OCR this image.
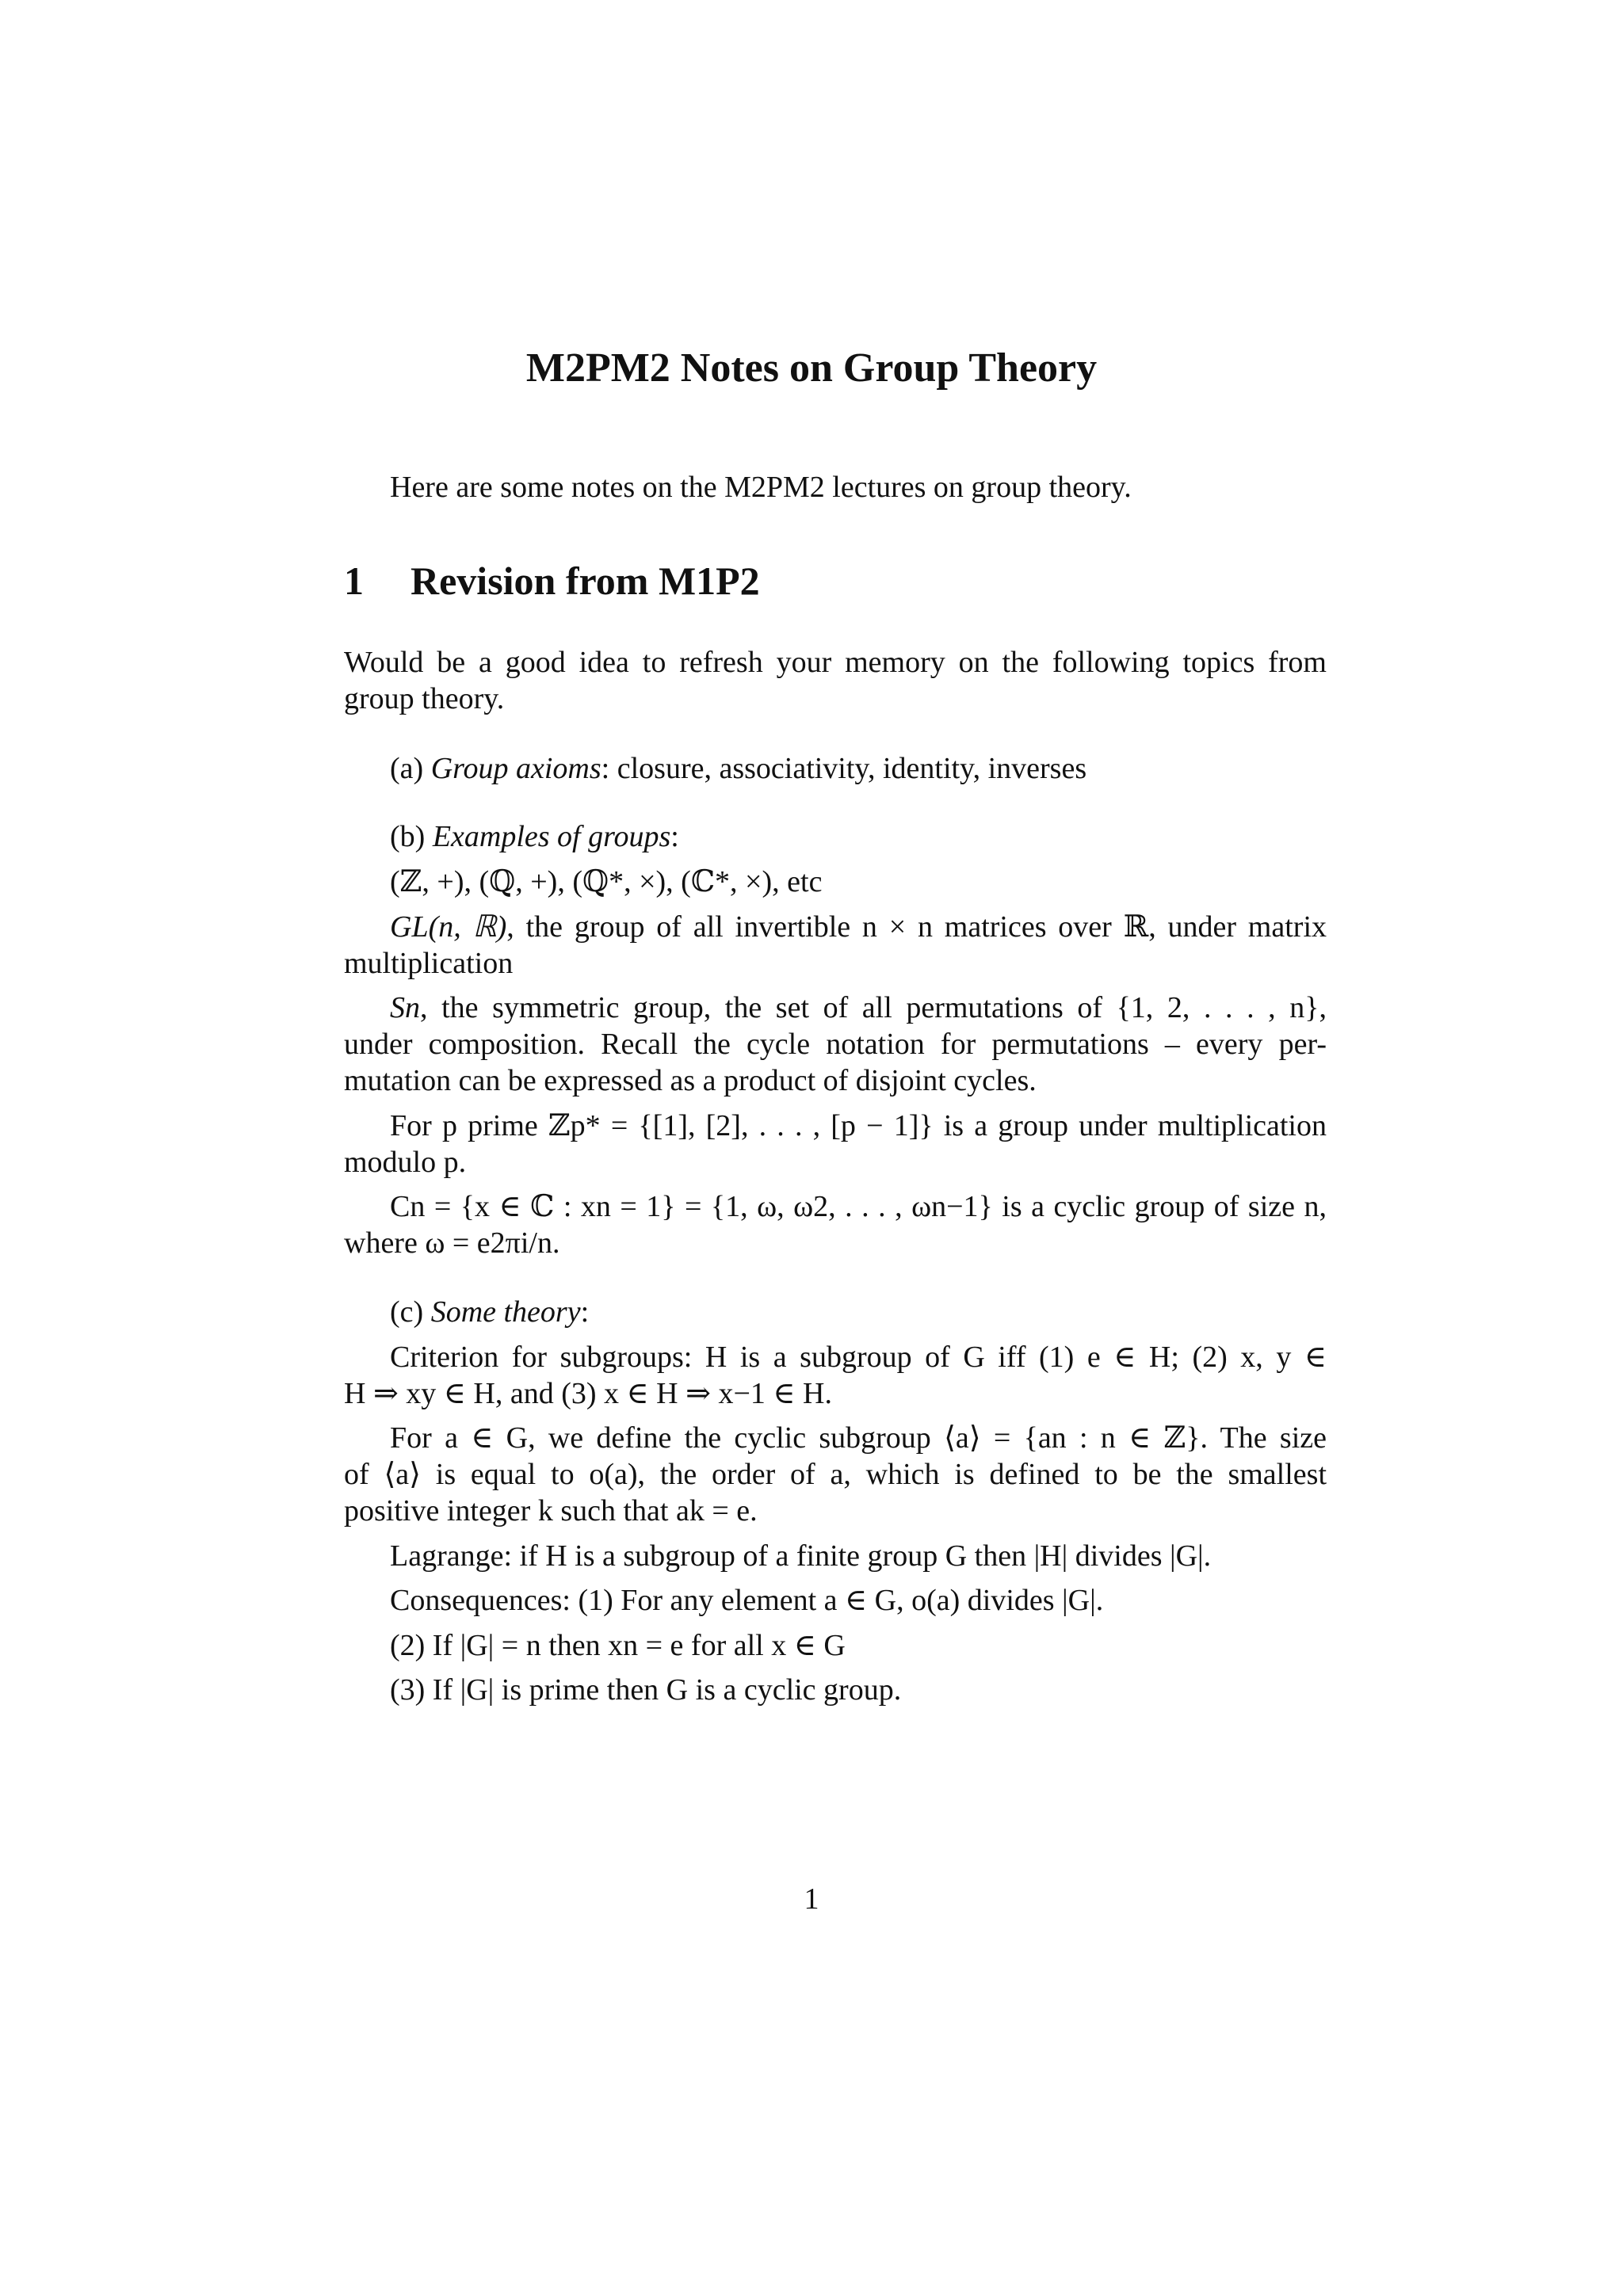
M2PM2 Notes on Group Theory
Here are some notes on the M2PM2 lectures on group theory.
1 Revision from M1P2
Would be a good idea to refresh your memory on the following topics from
group theory.
(a) Group axioms: closure, associativity, identity, inverses
(b) Examples of groups:
(ℤ, +), (ℚ, +), (ℚ*, ×), (ℂ*, ×), etc
GL(n, ℝ), the group of all invertible n × n matrices over ℝ, under matrix
multiplication
Sn, the symmetric group, the set of all permutations of {1, 2, . . . , n},
under composition. Recall the cycle notation for permutations – every per-
mutation can be expressed as a product of disjoint cycles.
For p prime ℤp* = {[1], [2], . . . , [p − 1]} is a group under multiplication
modulo p.
Cn = {x ∈ ℂ : xn = 1} = {1, ω, ω2, . . . , ωn−1} is a cyclic group of size n,
where ω = e2πi/n.
(c) Some theory:
Criterion for subgroups: H is a subgroup of G iff (1) e ∈ H; (2) x, y ∈
H ⇒ xy ∈ H, and (3) x ∈ H ⇒ x−1 ∈ H.
For a ∈ G, we define the cyclic subgroup ⟨a⟩ = {an : n ∈ ℤ}. The size
of ⟨a⟩ is equal to o(a), the order of a, which is defined to be the smallest
positive integer k such that ak = e.
Lagrange: if H is a subgroup of a finite group G then |H| divides |G|.
Consequences: (1) For any element a ∈ G, o(a) divides |G|.
(2) If |G| = n then xn = e for all x ∈ G
(3) If |G| is prime then G is a cyclic group.
1
